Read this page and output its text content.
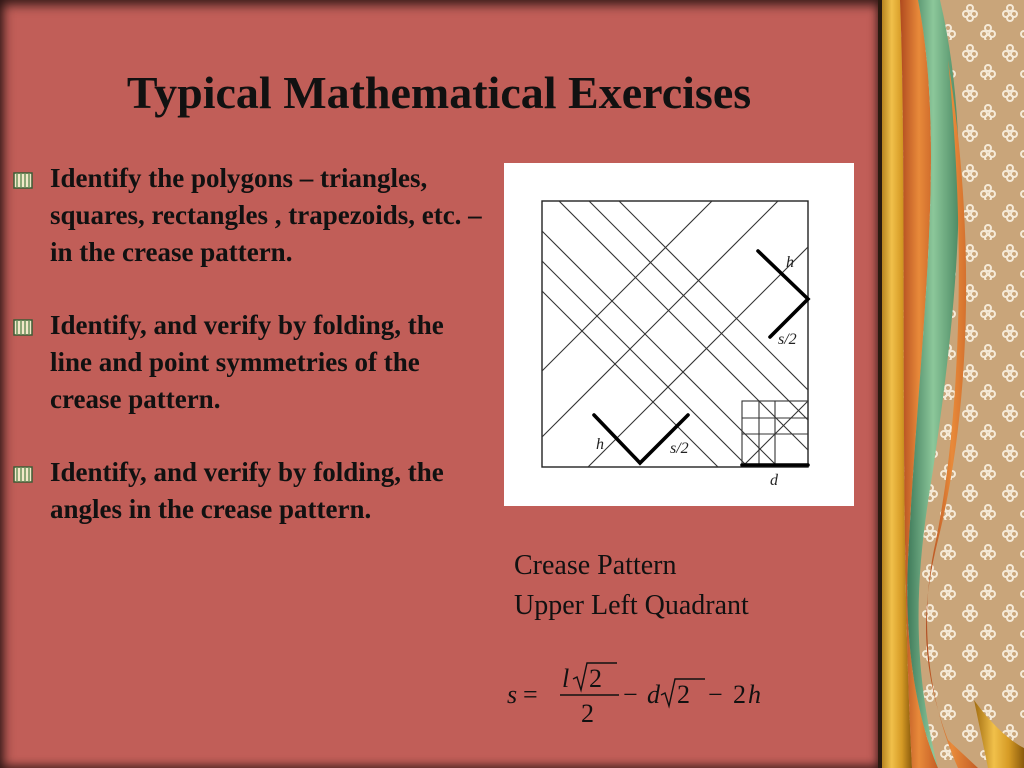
Typical Mathematical Exercises
Identify the polygons – triangles, squares, rectangles , trapezoids, etc. – in the crease pattern.
Identify, and verify by folding, the line and point symmetries of the crease pattern.
Identify, and verify by folding, the angles in the crease pattern.
h
s/2
h	s/2
d
Crease Pattern
Upper Left Quadrant
s =
l 2
2
− d 2 − 2 h
